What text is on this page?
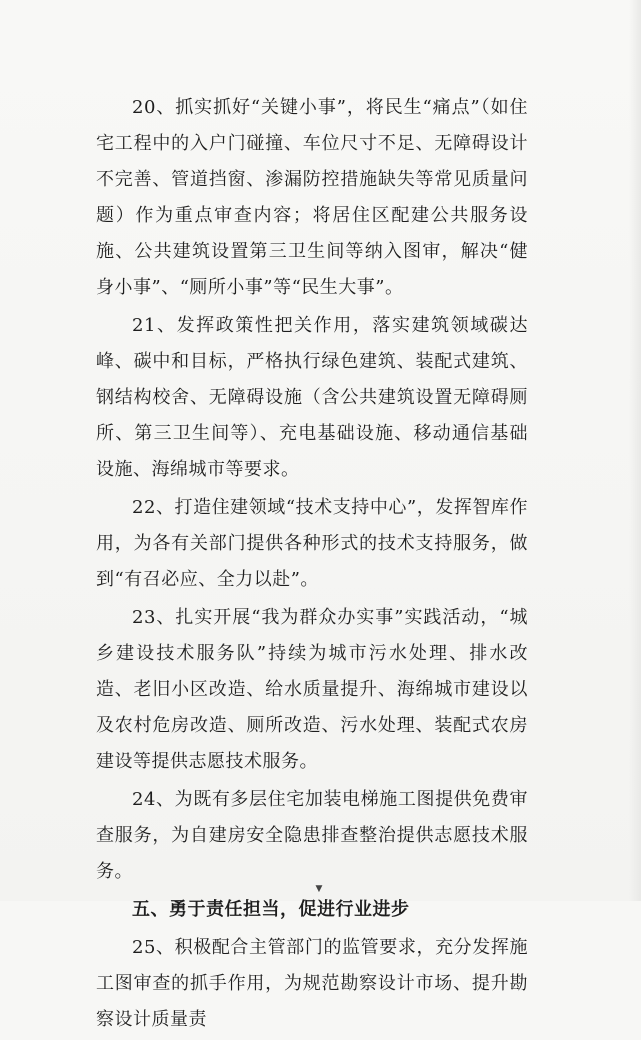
20、抓实抓好“关键小事”，将民生“痛点”（如住宅工程中的入户门碰撞、车位尺寸不足、无障碍设计不完善、管道挡窗、渗漏防控措施缺失等常见质量问题）作为重点审查内容；将居住区配建公共服务设施、公共建筑设置第三卫生间等纳入图审，解决“健身小事”、“厕所小事”等“民生大事”。

21、发挥政策性把关作用，落实建筑领域碳达峰、碳中和目标，严格执行绿色建筑、装配式建筑、钢结构校舍、无障碍设施（含公共建筑设置无障碍厕所、第三卫生间等）、充电基础设施、移动通信基础设施、海绵城市等要求。

22、打造住建领域“技术支持中心”，发挥智库作用，为各有关部门提供各种形式的技术支持服务，做到“有召必应、全力以赴”。

23、扎实开展“我为群众办实事”实践活动，“城乡建设技术服务队”持续为城市污水处理、排水改造、老旧小区改造、给水质量提升、海绵城市建设以及农村危房改造、厕所改造、污水处理、装配式农房建设等提供志愿技术服务。

24、为既有多层住宅加装电梯施工图提供免费审查服务，为自建房安全隐患排查整治提供志愿技术服务。

五、勇于责任担当，促进行业进步

25、积极配合主管部门的监管要求，充分发挥施工图审查的抓手作用，为规范勘察设计市场、提升勘察设计质量责

▼
